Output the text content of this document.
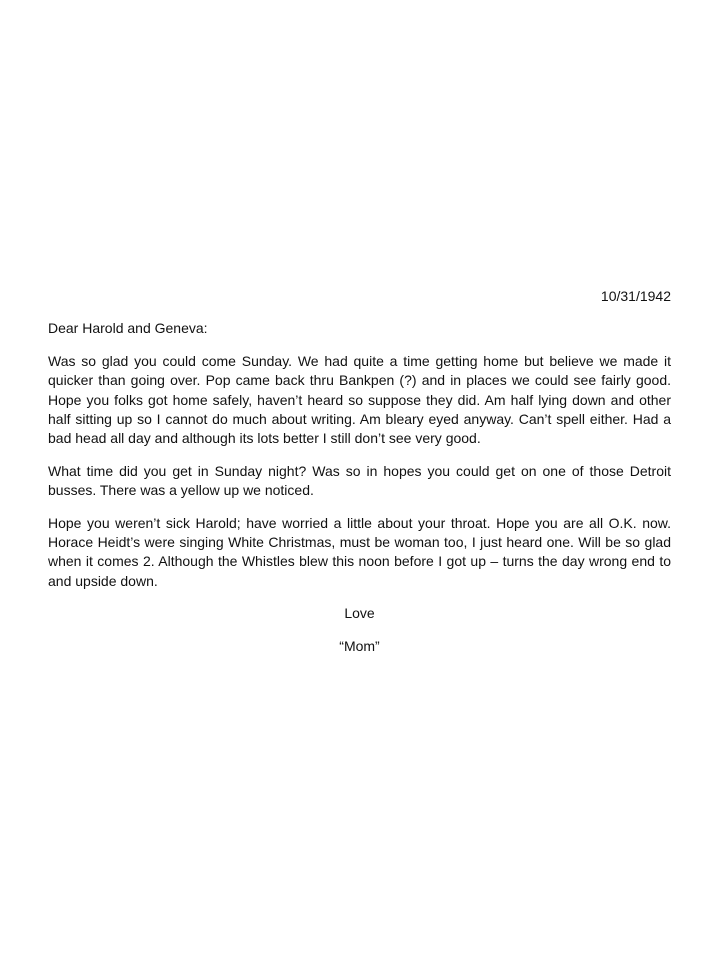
10/31/1942

Dear Harold and Geneva:

Was so glad you could come Sunday. We had quite a time getting home but believe we made it quicker than going over. Pop came back thru Bankpen (?) and in places we could see fairly good. Hope you folks got home safely, haven’t heard so suppose they did. Am half lying down and other half sitting up so I cannot do much about writing. Am bleary eyed anyway. Can’t spell either. Had a bad head all day and although its lots better I still don’t see very good.

What time did you get in Sunday night? Was so in hopes you could get on one of those Detroit busses. There was a yellow up we noticed.

Hope you weren’t sick Harold; have worried a little about your throat. Hope you are all O.K. now. Horace Heidt’s were singing White Christmas, must be woman too, I just heard one. Will be so glad when it comes 2. Although the Whistles blew this noon before I got up – turns the day wrong end to and upside down.

Love

“Mom”
